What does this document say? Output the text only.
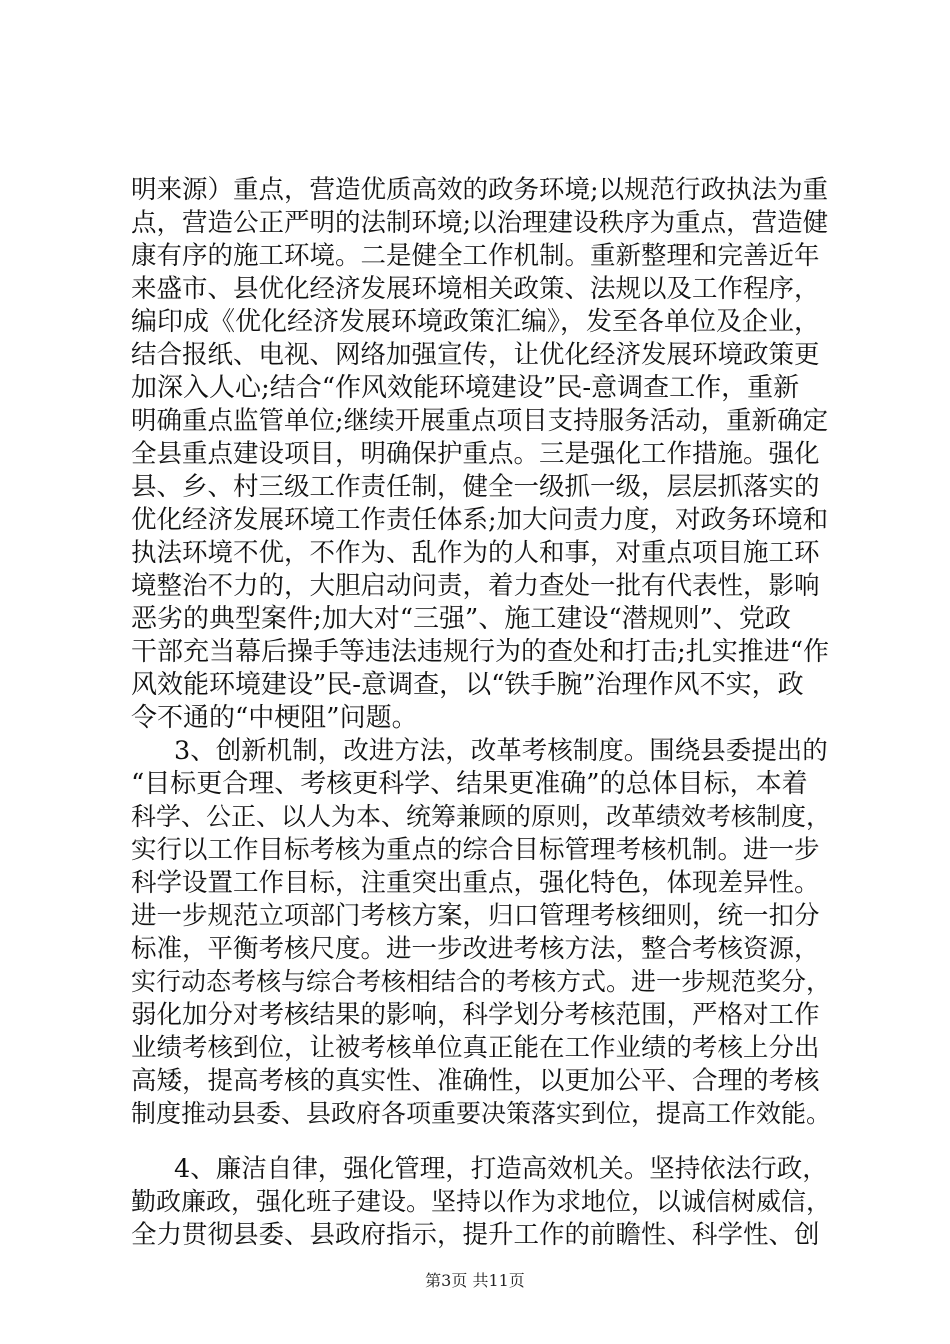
明来源）重点，营造优质高效的政务环境;以规范行政执法为重
点，营造公正严明的法制环境;以治理建设秩序为重点，营造健
康有序的施工环境。二是健全工作机制。重新整理和完善近年
来盛市、县优化经济发展环境相关政策、法规以及工作程序，
编印成《优化经济发展环境政策汇编》，发至各单位及企业，
结合报纸、电视、网络加强宣传，让优化经济发展环境政策更
加深入人心;结合“作风效能环境建设”民-意调查工作，重新
明确重点监管单位;继续开展重点项目支持服务活动，重新确定
全县重点建设项目，明确保护重点。三是强化工作措施。强化
县、乡、村三级工作责任制，健全一级抓一级，层层抓落实的
优化经济发展环境工作责任体系;加大问责力度，对政务环境和
执法环境不优，不作为、乱作为的人和事，对重点项目施工环
境整治不力的，大胆启动问责，着力查处一批有代表性，影响
恶劣的典型案件;加大对“三强”、施工建设“潜规则”、党政
干部充当幕后操手等违法违规行为的查处和打击;扎实推进“作
风效能环境建设”民-意调查，以“铁手腕”治理作风不实，政
令不通的“中梗阻”问题。
3、创新机制，改进方法，改革考核制度。围绕县委提出的
“目标更合理、考核更科学、结果更准确”的总体目标，本着
科学、公正、以人为本、统筹兼顾的原则，改革绩效考核制度，
实行以工作目标考核为重点的综合目标管理考核机制。进一步
科学设置工作目标，注重突出重点，强化特色，体现差异性。
进一步规范立项部门考核方案，归口管理考核细则，统一扣分
标准，平衡考核尺度。进一步改进考核方法，整合考核资源，
实行动态考核与综合考核相结合的考核方式。进一步规范奖分，
弱化加分对考核结果的影响，科学划分考核范围，严格对工作
业绩考核到位，让被考核单位真正能在工作业绩的考核上分出
高矮，提高考核的真实性、准确性，以更加公平、合理的考核
制度推动县委、县政府各项重要决策落实到位，提高工作效能。
4、廉洁自律，强化管理，打造高效机关。坚持依法行政，
勤政廉政，强化班子建设。坚持以作为求地位，以诚信树威信，
全力贯彻县委、县政府指示，提升工作的前瞻性、科学性、创
第3页 共11页
